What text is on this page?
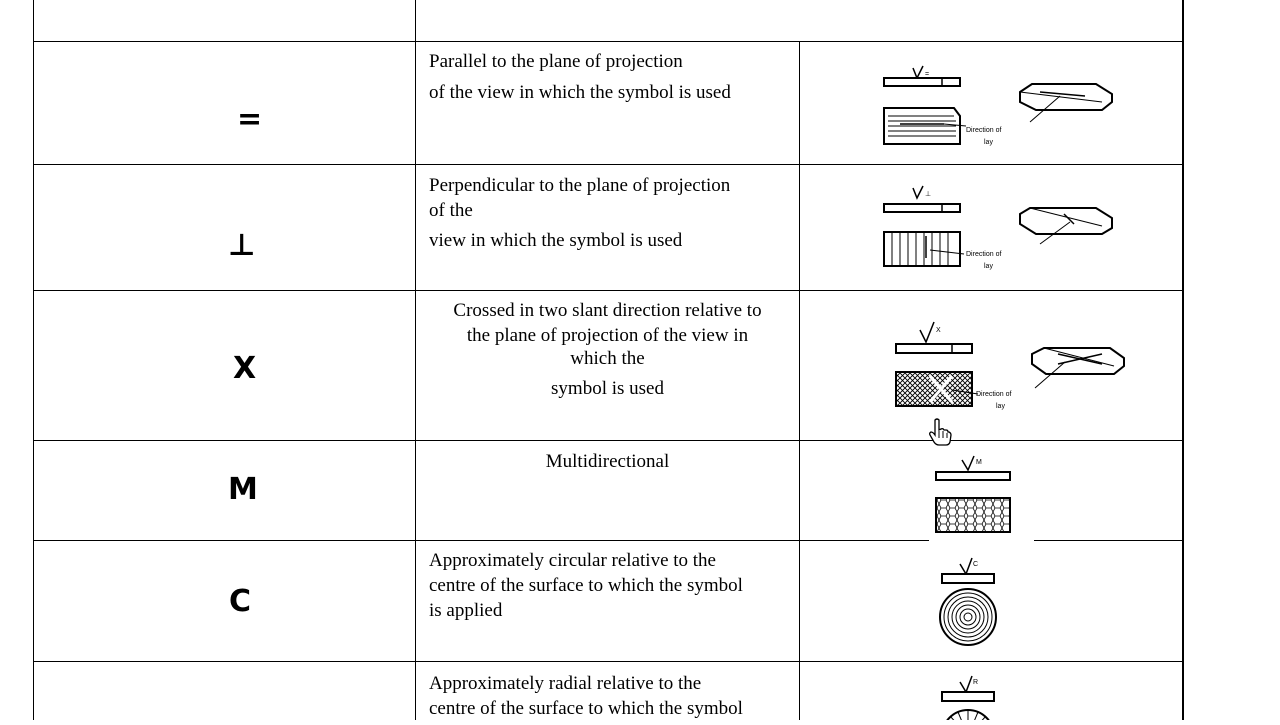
=
Parallel to the plane of projection
of the view in which the symbol is used
=
Direction of
lay
⊥
Perpendicular to the plane of projection
of the
view in which the symbol is used
⊥
Direction of
lay
X
Crossed in two slant direction relative to
the plane of projection of the view in
which the
symbol is used
X
Direction of
lay
M
Multidirectional	M
C
Approximately circular relative to the
centre of the surface to which the symbol
is applied
C
Approximately radial relative to the
centre of the surface to which the symbol
R
